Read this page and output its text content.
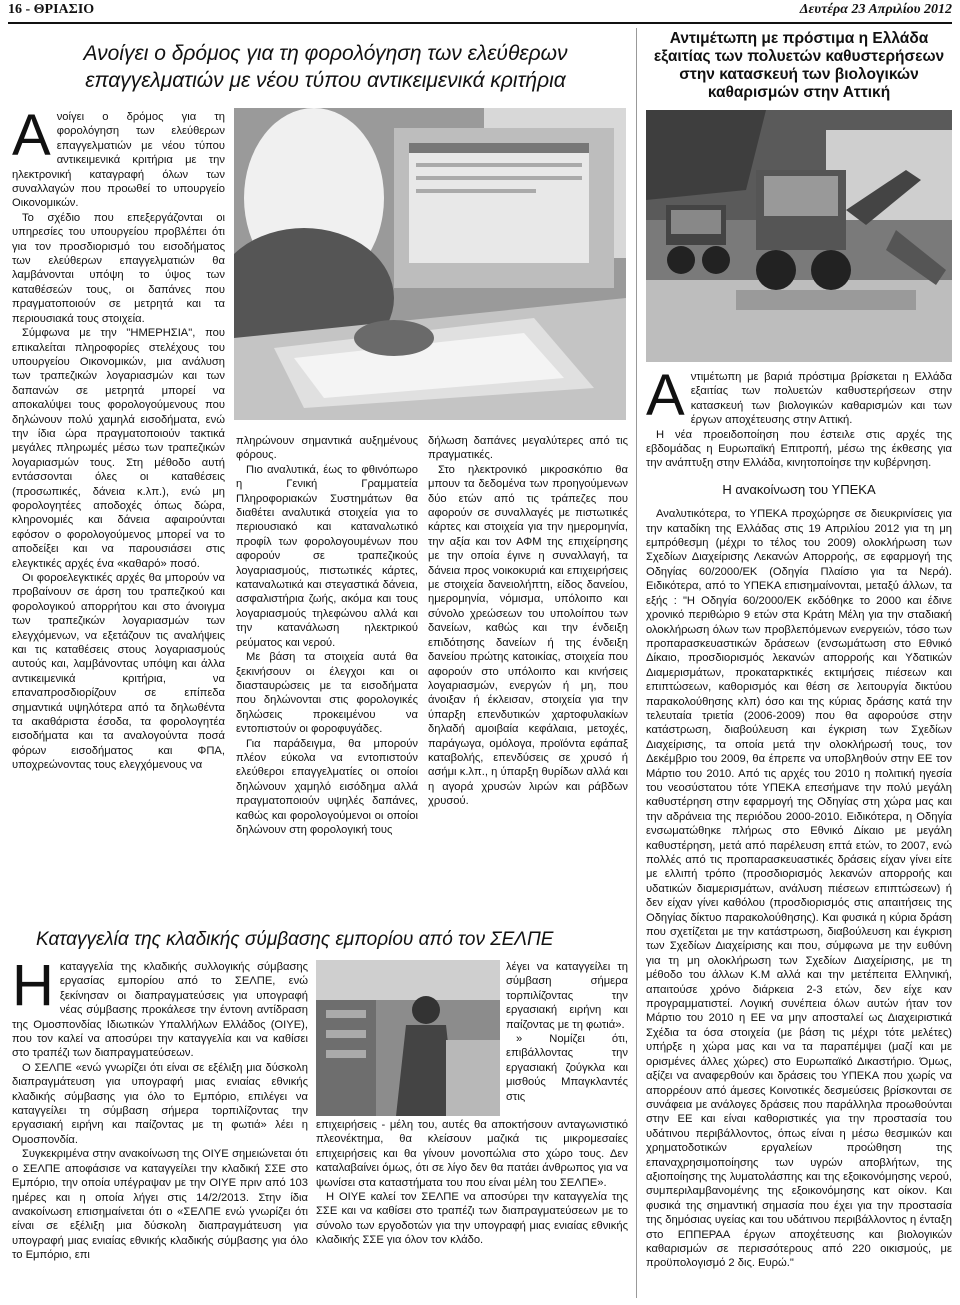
16 - ΘΡΙΑΣΙΟ	Δευτέρα 23 Απριλίου 2012
Ανοίγει ο δρόμος για τη φορολόγηση των ελεύθερων
επαγγελματιών με νέου τύπου αντικειμενικά κριτήρια
Α νοίγει ο δρόμος για τη φορολόγηση των ελεύθερων επαγγελματιών με νέου τύπου αντικειμενικά κριτήρια με την ηλεκτρονική καταγραφή όλων των συναλλαγών που προωθεί το υπουργείο Οικονομικών.

Το σχέδιο που επεξεργάζονται οι υπηρεσίες του υπουργείου προβλέπει ότι για τον προσδιορισμό του εισοδήματος των ελεύθερων επαγγελματιών θα λαμβάνονται υπόψη το ύψος των καταθέσεών τους, οι δαπάνες που πραγματοποιούν σε μετρητά και τα περιουσιακά τους στοιχεία.

Σύμφωνα με την "ΗΜΕΡΗΣΙΑ", που επικαλείται πληροφορίες στελέχους του υπουργείου Οικονομικών, μια ανάλυση των τραπεζικών λογαριασμών και των δαπανών σε μετρητά μπορεί να αποκαλύψει τους φορολογούμενους που δηλώνουν πολύ χαμηλά εισοδήματα, ενώ την ίδια ώρα πραγματοποιούν τακτικά μεγάλες πληρωμές μέσω των τραπεζικών λογαριασμών τους. Στη μέθοδο αυτή εντάσσονται όλες οι καταθέσεις (προσωπικές, δάνεια κ.λπ.), ενώ μη φορολογητέες αποδοχές όπως δώρα, κληρονομιές και δάνεια αφαιρούνται εφόσον ο φορολογούμενος μπορεί να το αποδείξει και να παρουσιάσει στις ελεγκτικές αρχές ένα «καθαρό» ποσό.

Οι φοροελεγκτικές αρχές θα μπορούν να προβαίνουν σε άρση του τραπεζικού και φορολογικού απορρήτου και στο άνοιγμα των τραπεζικών λογαριασμών των ελεγχόμενων, να εξετάζουν τις αναλήψεις και τις καταθέσεις στους λογαριασμούς αυτούς και, λαμβάνοντας υπόψη και άλλα αντικειμενικά κριτήρια, να επαναπροσδιορίζουν σε επίπεδα σημαντικά υψηλότερα από τα δηλωθέντα τα ακαθάριστα έσοδα, τα φορολογητέα εισοδήματα και τα αναλογούντα ποσά φόρων εισοδήματος και ΦΠΑ, υποχρεώνοντας τους ελεγχόμενους να

πληρώνουν σημαντικά αυξημένους φόρους.

Πιο αναλυτικά, έως το φθινόπωρο η Γενική Γραμματεία Πληροφοριακών Συστημάτων θα διαθέτει αναλυτικά στοιχεία για το περιουσιακό και καταναλωτικό προφίλ των φορολογουμένων που αφορούν σε τραπεζικούς λογαριασμούς, πιστωτικές κάρτες, καταναλωτικά και στεγαστικά δάνεια, ασφαλιστήρια ζωής, ακόμα και τους λογαριασμούς τηλεφώνου αλλά και την κατανάλωση ηλεκτρικού ρεύματος και νερού.

Με βάση τα στοιχεία αυτά θα ξεκινήσουν οι έλεγχοι και οι διασταυρώσεις με τα εισοδήματα που δηλώνονται στις φορολογικές δηλώσεις προκειμένου να εντοπιστούν οι φοροφυγάδες.

Για παράδειγμα, θα μπορούν πλέον εύκολα να εντοπιστούν ελεύθεροι επαγγελματίες οι οποίοι δηλώνουν χαμηλό εισόδημα αλλά πραγματοποιούν υψηλές δαπάνες, καθώς και φορολογούμενοι οι οποίοι δηλώνουν στη φορολογική τους

δήλωση δαπάνες μεγαλύτερες από τις πραγματικές.

Στο ηλεκτρονικό μικροσκόπιο θα μπουν τα δεδομένα των προηγούμενων δύο ετών από τις τράπεζες που αφορούν σε συναλλαγές με πιστωτικές κάρτες και στοιχεία για την ημερομηνία, την αξία και τον ΑΦΜ της επιχείρησης με την οποία έγινε η συναλλαγή, τα δάνεια προς νοικοκυριά και επιχειρήσεις με στοιχεία δανειολήπτη, είδος δανείου, ημερομηνία, νόμισμα, υπόλοιπο και σύνολο χρεώσεων του υπολοίπου των δανείων, καθώς και την ένδειξη επιδότησης δανείων ή της ένδειξη δανείου πρώτης κατοικίας, στοιχεία που αφορούν στο υπόλοιπο και κινήσεις λογαριασμών, ενεργών ή μη, που άνοιξαν ή έκλεισαν, στοιχεία για την ύπαρξη επενδυτικών χαρτοφυλακίων δηλαδή αμοιβαία κεφάλαια, μετοχές, παράγωγα, ομόλογα, προϊόντα εφάπαξ καταβολής, επενδύσεις σε χρυσό ή ασήμι κ.λπ., η ύπαρξη θυρίδων αλλά και η αγορά χρυσών λιρών και ράβδων χρυσού.

Καταγγελία της κλαδικής σύμβασης εμπορίου από τον ΣΕΛΠΕ
Η καταγγελία της κλαδικής συλλογικής σύμβασης εργασίας εμπορίου από το ΣΕΛΠΕ, ενώ ξεκίνησαν οι διαπραγματεύσεις για υπογραφή νέας σύμβασης προκάλεσε την έντονη αντίδραση της Ομοσπονδίας Ιδιωτικών Υπαλλήλων Ελλάδος (ΟΙΥΕ), που τον καλεί να αποσύρει την καταγγελία και να καθίσει στο τραπέζι των διαπραγματεύσεων.

Ο ΣΕΛΠΕ «ενώ γνωρίζει ότι είναι σε εξέλιξη μια δύσκολη διαπραγμάτευση για υπογραφή μιας ενιαίας εθνικής κλαδικής σύμβασης για όλο το Εμπόριο, επιλέγει να καταγγείλει τη σύμβαση σήμερα τορπιλίζοντας την εργασιακή ειρήνη και παίζοντας με τη φωτιά» λέει η Ομοσπονδία.

Συγκεκριμένα στην ανακοίνωση της ΟΙΥΕ σημειώνεται ότι ο ΣΕΛΠΕ αποφάσισε να καταγγείλει την κλαδική ΣΣΕ στο Εμπόριο, την οποία υπέγραψαν με την ΟΙΥΕ πριν από 103 ημέρες και η οποία λήγει στις 14/2/2013. Στην ίδια ανακοίνωση επισημαίνεται ότι ο «ΣΕΛΠΕ ενώ γνωρίζει ότι είναι σε εξέλιξη μια δύσκολη διαπραγμάτευση για υπογραφή μιας ενιαίας εθνικής κλαδικής σύμβασης για όλο το Εμπόριο, επι

λέγει να καταγγείλει τη σύμβαση σήμερα τορπιλίζοντας την εργασιακή ειρήνη και παίζοντας με τη φωτιά».

» Νομίζει ότι, επιβάλλοντας την εργασιακή ζούγκλα και μισθούς Μπαγκλαντές στις

επιχειρήσεις - μέλη του, αυτές θα αποκτήσουν ανταγωνιστικό πλεονέκτημα, θα κλείσουν μαζικά τις μικρομεσαίες επιχειρήσεις και θα γίνουν μονοπώλια στο χώρο τους. Δεν καταλαβαίνει όμως, ότι σε λίγο δεν θα πατάει άνθρωπος για να ψωνίσει στα καταστήματα του που είναι μέλη του ΣΕΛΠΕ».

Η ΟΙΥΕ καλεί τον ΣΕΛΠΕ να αποσύρει την καταγγελία της ΣΣΕ και να καθίσει στο τραπέζι των διαπραγματεύσεων με το σύνολο των εργοδοτών για την υπογραφή μιας ενιαίας εθνικής κλαδικής ΣΣΕ για όλον τον κλάδο.

Αντιμέτωπη με πρόστιμα η Ελλάδα εξαιτίας των πολυετών καθυστερήσεων στην κατασκευή των βιολογικών καθαρισμών στην Αττική
Α ντιμέτωπη με βαριά πρόστιμα βρίσκεται η Ελλάδα εξαιτίας των πολυετών καθυστερήσεων στην κατασκευή των βιολογικών καθαρισμών και των έργων αποχέτευσης στην Αττική.

Η νέα προειδοποίηση που έστειλε στις αρχές της εβδομάδας η Ευρωπαϊκή Επιτροπή, μέσω της έκθεσης για την ανάπτυξη στην Ελλάδα, κινητοποίησε την κυβέρνηση.

Η ανακοίνωση του ΥΠΕΚΑ

Αναλυτικότερα, το ΥΠΕΚΑ προχώρησε σε διευκρινίσεις για την καταδίκη της Ελλάδας στις 19 Απριλίου 2012 για τη μη εμπρόθεσμη (μέχρι το τέλος του 2009) ολοκλήρωση των Σχεδίων Διαχείρισης Λεκανών Απορροής, σε εφαρμογή της Οδηγίας 60/2000/ΕΚ (Οδηγία Πλαίσιο για τα Νερά). Ειδικότερα, από το ΥΠΕΚΑ επισημαίνονται, μεταξύ άλλων, τα εξής : "Η Οδηγία 60/2000/ΕΚ εκδόθηκε το 2000 και έδινε χρονικό περιθώριο 9 ετών στα Κράτη Μέλη για την σταδιακή ολοκλήρωση όλων των προβλεπόμενων ενεργειών, τόσο των προπαρασκευαστικών δράσεων (ενσωμάτωση στο Εθνικό Δίκαιο, προσδιορισμός λεκανών απορροής και Υδατικών Διαμερισμάτων, προκαταρκτικές εκτιμήσεις πιέσεων και επιπτώσεων, καθορισμός και θέση σε λειτουργία δικτύου παρακολούθησης κλπ) όσο και της κύριας δράσης κατά την τελευταία τριετία (2006-2009) που θα αφορούσε στην κατάστρωση, διαβούλευση και έγκριση των Σχεδίων Διαχείρισης, τα οποία μετά την ολοκλήρωσή τους, τον Δεκέμβριο του 2009, θα έπρεπε να υποβληθούν στην ΕΕ τον Μάρτιο του 2010. Από τις αρχές του 2010 η πολιτική ηγεσία του νεοσύστατου τότε ΥΠΕΚΑ επεσήμανε την πολύ μεγάλη καθυστέρηση στην εφαρμογή της Οδηγίας στη χώρα μας και την αδράνεια της περιόδου 2000-2010. Ειδικότερα, η Οδηγία ενσωματώθηκε πλήρως στο Εθνικό Δίκαιο με μεγάλη καθυστέρηση, μετά από παρέλευση επτά ετών, το 2007, ενώ πολλές από τις προπαρασκευαστικές δράσεις είχαν γίνει είτε με ελλιπή τρόπο (προσδιορισμός λεκανών απορροής και υδατικών διαμερισμάτων, ανάλυση πιέσεων επιπτώσεων) ή δεν είχαν γίνει καθόλου (προσδιορισμός στις απαιτήσεις της Οδηγίας δίκτυο παρακολούθησης). Και φυσικά η κύρια δράση που σχετίζεται με την κατάστρωση, διαβούλευση και έγκριση των Σχεδίων Διαχείρισης και που, σύμφωνα με την ευθύνη για τη μη ολοκλήρωση των Σχεδίων Διαχείρισης, με τη μέθοδο του άλλων Κ.Μ αλλά και την μετέπειτα Ελληνική, απαιτούσε χρόνο διάρκεια 2-3 ετών, δεν είχε καν προγραμματιστεί. Λογική συνέπεια όλων αυτών ήταν τον Μάρτιο του 2010 η ΕΕ να μην αποσταλεί ως Διαχειριστικά Σχέδια τα όσα στοιχεία (με βάση τις μέχρι τότε μελέτες) υπήρξε η χώρα μας και να τα παραπέμψει (μαζί και με ορισμένες άλλες χώρες) στο Ευρωπαϊκό Δικαστήριο. Όμως, αξίζει να αναφερθούν και δράσεις του ΥΠΕΚΑ που χωρίς να απορρέουν από άμεσες Κοινοτικές δεσμεύσεις βρίσκονται σε συνάφεια με ανάλογες δράσεις που παράλληλα προωθούνται στην ΕΕ και είναι καθοριστικές για την προστασία του υδάτινου περιβάλλοντος, όπως είναι η μέσω θεσμικών και χρηματοδοτικών εργαλείων προώθηση της επαναχρησιμοποίησης των υγρών αποβλήτων, της αξιοποίησης της λυματολάσπης και της εξοικονόμησης νερού, συμπεριλαμβανομένης της εξοικονόμησης κατ οίκον. Και φυσικά της σημαντική σημασία που έχει για την προστασία της δημόσιας υγείας και του υδάτινου περιβάλλοντος η ένταξη στο ΕΠΠΕΡΑΑ έργων αποχέτευσης και βιολογικών καθαρισμών σε περισσότερους από 220 οικισμούς, με προϋπολογισμό 2 δις. Ευρώ."
